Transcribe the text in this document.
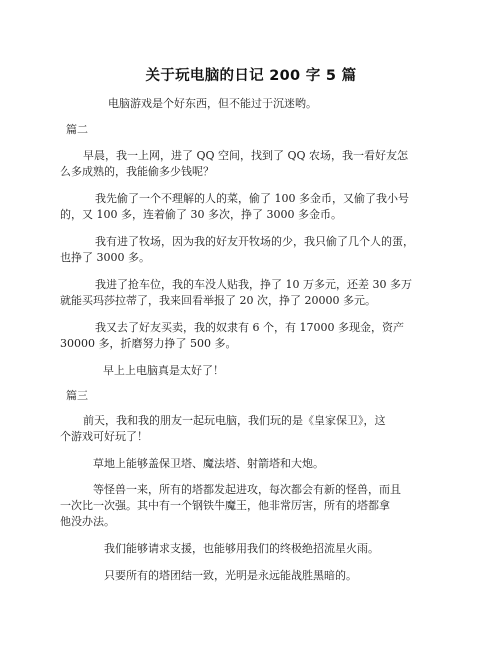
关于玩电脑的日记 200 字 5 篇
电脑游戏是个好东西，但不能过于沉迷哟。
篇二
早晨，我一上网，进了 QQ 空间，找到了 QQ 农场，我一看好友怎
么多成熟的，我能偷多少钱呢？
我先偷了一个不理解的人的菜，偷了 100 多金币，又偷了我小号
的，又 100 多，连着偷了 30 多次，挣了 3000 多金币。
我有进了牧场，因为我的好友开牧场的少，我只偷了几个人的蛋，
也挣了 3000 多。
我进了抢车位，我的车没人贴我，挣了 10 万多元，还差 30 多万
就能买玛莎拉蒂了，我来回看举报了 20 次，挣了 20000 多元。
我又去了好友买卖，我的奴隶有 6 个，有 17000 多现金，资产
30000 多，折磨努力挣了 500 多。
早上上电脑真是太好了！
篇三
前天，我和我的朋友一起玩电脑，我们玩的是《皇家保卫》，这
个游戏可好玩了！
草地上能够盖保卫塔、魔法塔、射箭塔和大炮。
等怪兽一来，所有的塔都发起进攻，每次都会有新的怪兽，而且
一次比一次强。其中有一个钢铁牛魔王，他非常厉害，所有的塔都拿
他没办法。
我们能够请求支援，也能够用我们的终极绝招流星火雨。
只要所有的塔团结一致，光明是永远能战胜黑暗的。
